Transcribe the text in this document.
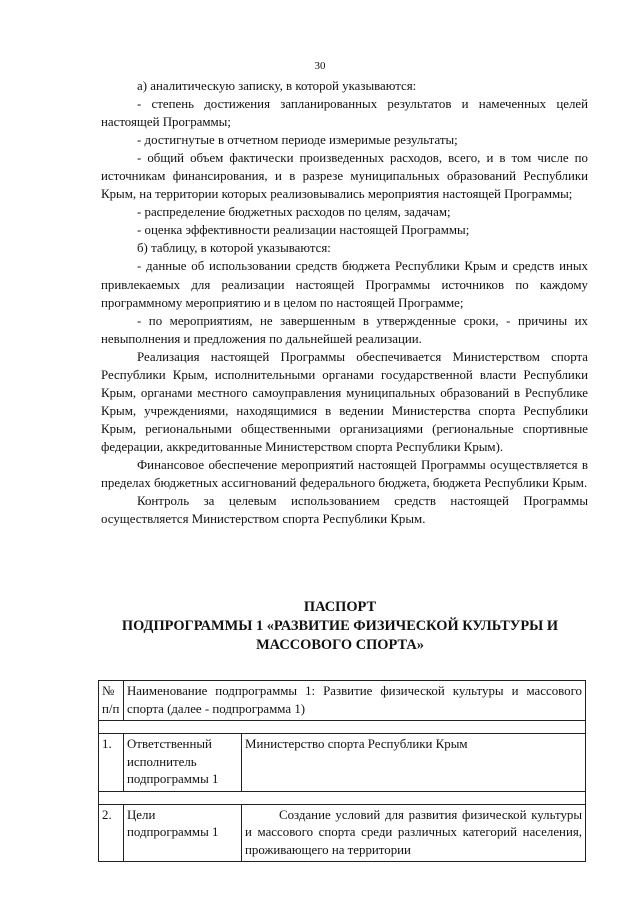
30

а) аналитическую записку, в которой указываются:

- степень достижения запланированных результатов и намеченных целей настоящей Программы;

- достигнутые в отчетном периоде измеримые результаты;

- общий объем фактически произведенных расходов, всего, и в том числе по источникам финансирования, и в разрезе муниципальных образований Республики Крым, на территории которых реализовывались мероприятия настоящей Программы;

- распределение бюджетных расходов по целям, задачам;

- оценка эффективности реализации настоящей Программы;

б) таблицу, в которой указываются:

- данные об использовании средств бюджета Республики Крым и средств иных привлекаемых для реализации настоящей Программы источников по каждому программному мероприятию и в целом по настоящей Программе;

- по мероприятиям, не завершенным в утвержденные сроки, - причины их невыполнения и предложения по дальнейшей реализации.

Реализация настоящей Программы обеспечивается Министерством спорта Республики Крым, исполнительными органами государственной власти Республики Крым, органами местного самоуправления муниципальных образований в Республике Крым, учреждениями, находящимися в ведении Министерства спорта Республики Крым, региональными общественными организациями (региональные спортивные федерации, аккредитованные Министерством спорта Республики Крым).

Финансовое обеспечение мероприятий настоящей Программы осуществляется в пределах бюджетных ассигнований федерального бюджета, бюджета Республики Крым.

Контроль за целевым использованием средств настоящей Программы осуществляется Министерством спорта Республики Крым.

ПАСПОРТ
ПОДПРОГРАММЫ 1 «РАЗВИТИЕ ФИЗИЧЕСКОЙ КУЛЬТУРЫ И
МАССОВОГО СПОРТА»
№ п/п	Наименование подпрограммы 1: Развитие физической культуры и массового спорта (далее - подпрограмма 1)	

1.	Ответственный исполнитель подпрограммы 1	Министерство спорта Республики Крым

2.	Цели подпрограммы 1	Создание условий для развития физической культуры и массового спорта среди различных категорий населения, проживающего на территории
